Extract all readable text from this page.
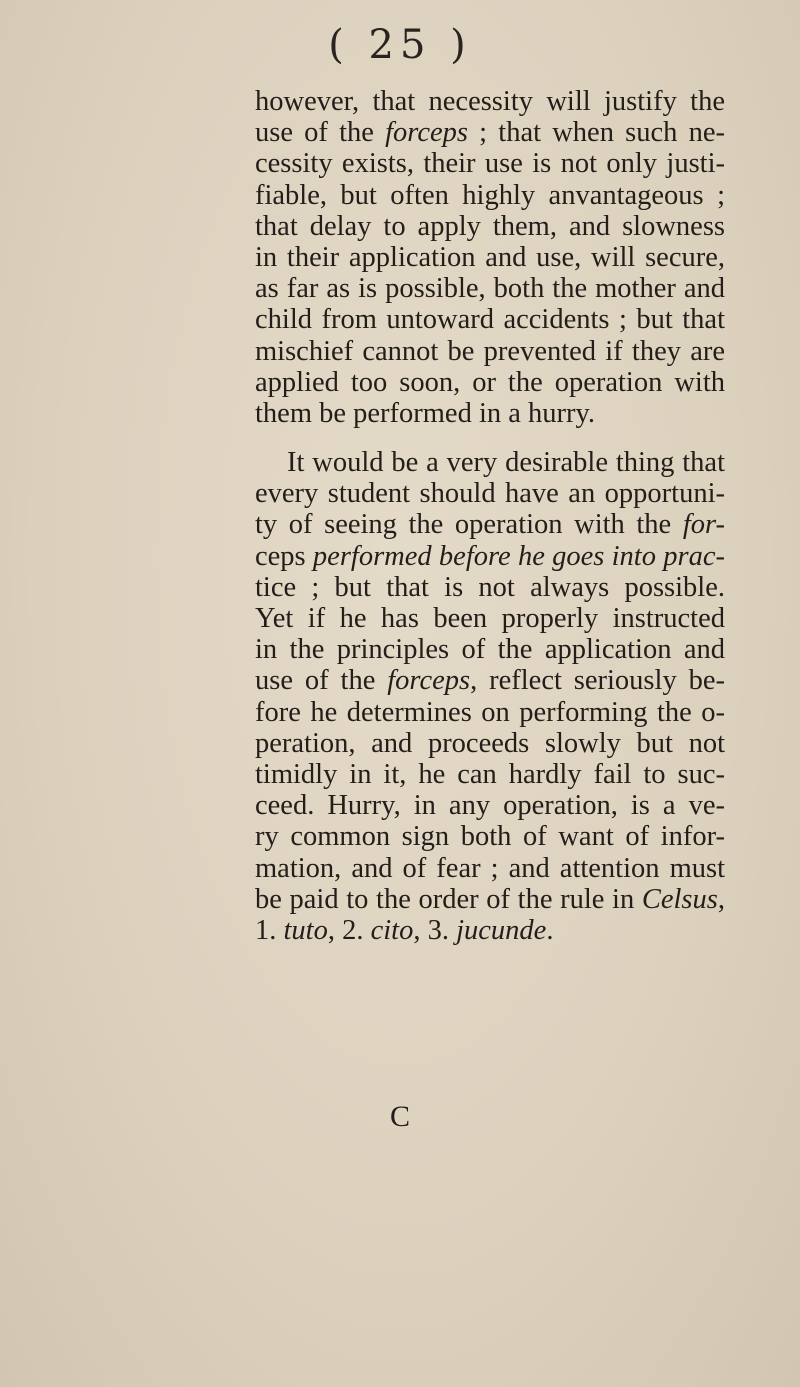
( 25 )
however, that necessity will justify the
use of the forceps ; that when such ne-
cessity exists, their use is not only justi-
fiable, but often highly anvantageous ;
that delay to apply them, and slowness
in their application and use, will secure,
as far as is possible, both the mother and
child from untoward accidents ; but that
mischief cannot be prevented if they are
applied too soon, or the operation with
them be performed in a hurry.
It would be a very desirable thing that
every student should have an opportuni-
ty of seeing the operation with the for-
ceps performed before he goes into prac-
tice ; but that is not always possible.
Yet if he has been properly instructed
in the principles of the application and
use of the forceps, reflect seriously be-
fore he determines on performing the o-
peration, and proceeds slowly but not
timidly in it, he can hardly fail to suc-
ceed. Hurry, in any operation, is a ve-
ry common sign both of want of infor-
mation, and of fear ; and attention must
be paid to the order of the rule in Celsus,
1. tuto, 2. cito, 3. jucunde.
C
